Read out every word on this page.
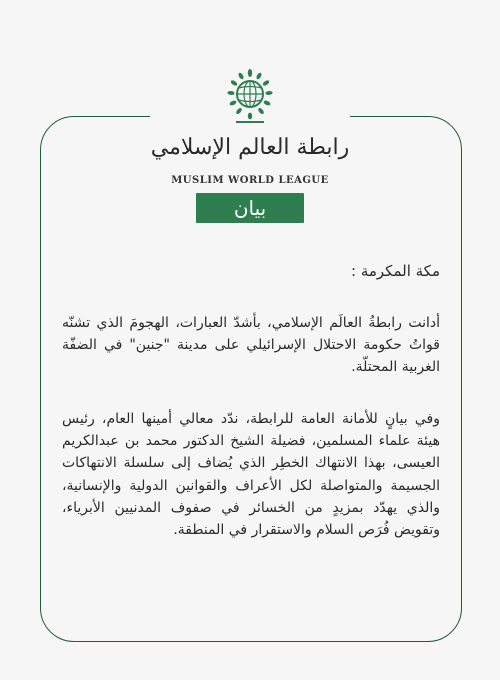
رابطة العالم الإسلامي
MUSLIM WORLD LEAGUE
بيان
مكة المكرمة :
أدانت رابطةُ العالَم الإسلامي، بأشدّ العبارات، الهجومَ الذي تشنّه قواتُ حكومة الاحتلال الإسرائيلي على مدينة "جنين" في الضفّة الغربية المحتلّة.
وفي بيانٍ للأمانة العامة للرابطة، ندّد معالي أمينها العام، رئيس هيئة علماء المسلمين، فضيلة الشيخ الدكتور محمد بن عبدالكريم العيسى، بهذا الانتهاك الخطِر الذي يُضاف إلى سلسلة الانتهاكات الجسيمة والمتواصلة لكل الأعراف والقوانين الدولية والإنسانية، والذي يهدّد بمزيدٍ من الخسائر في صفوف المدنيين الأبرياء، وتقويض فُرَص السلام والاستقرار في المنطقة.
